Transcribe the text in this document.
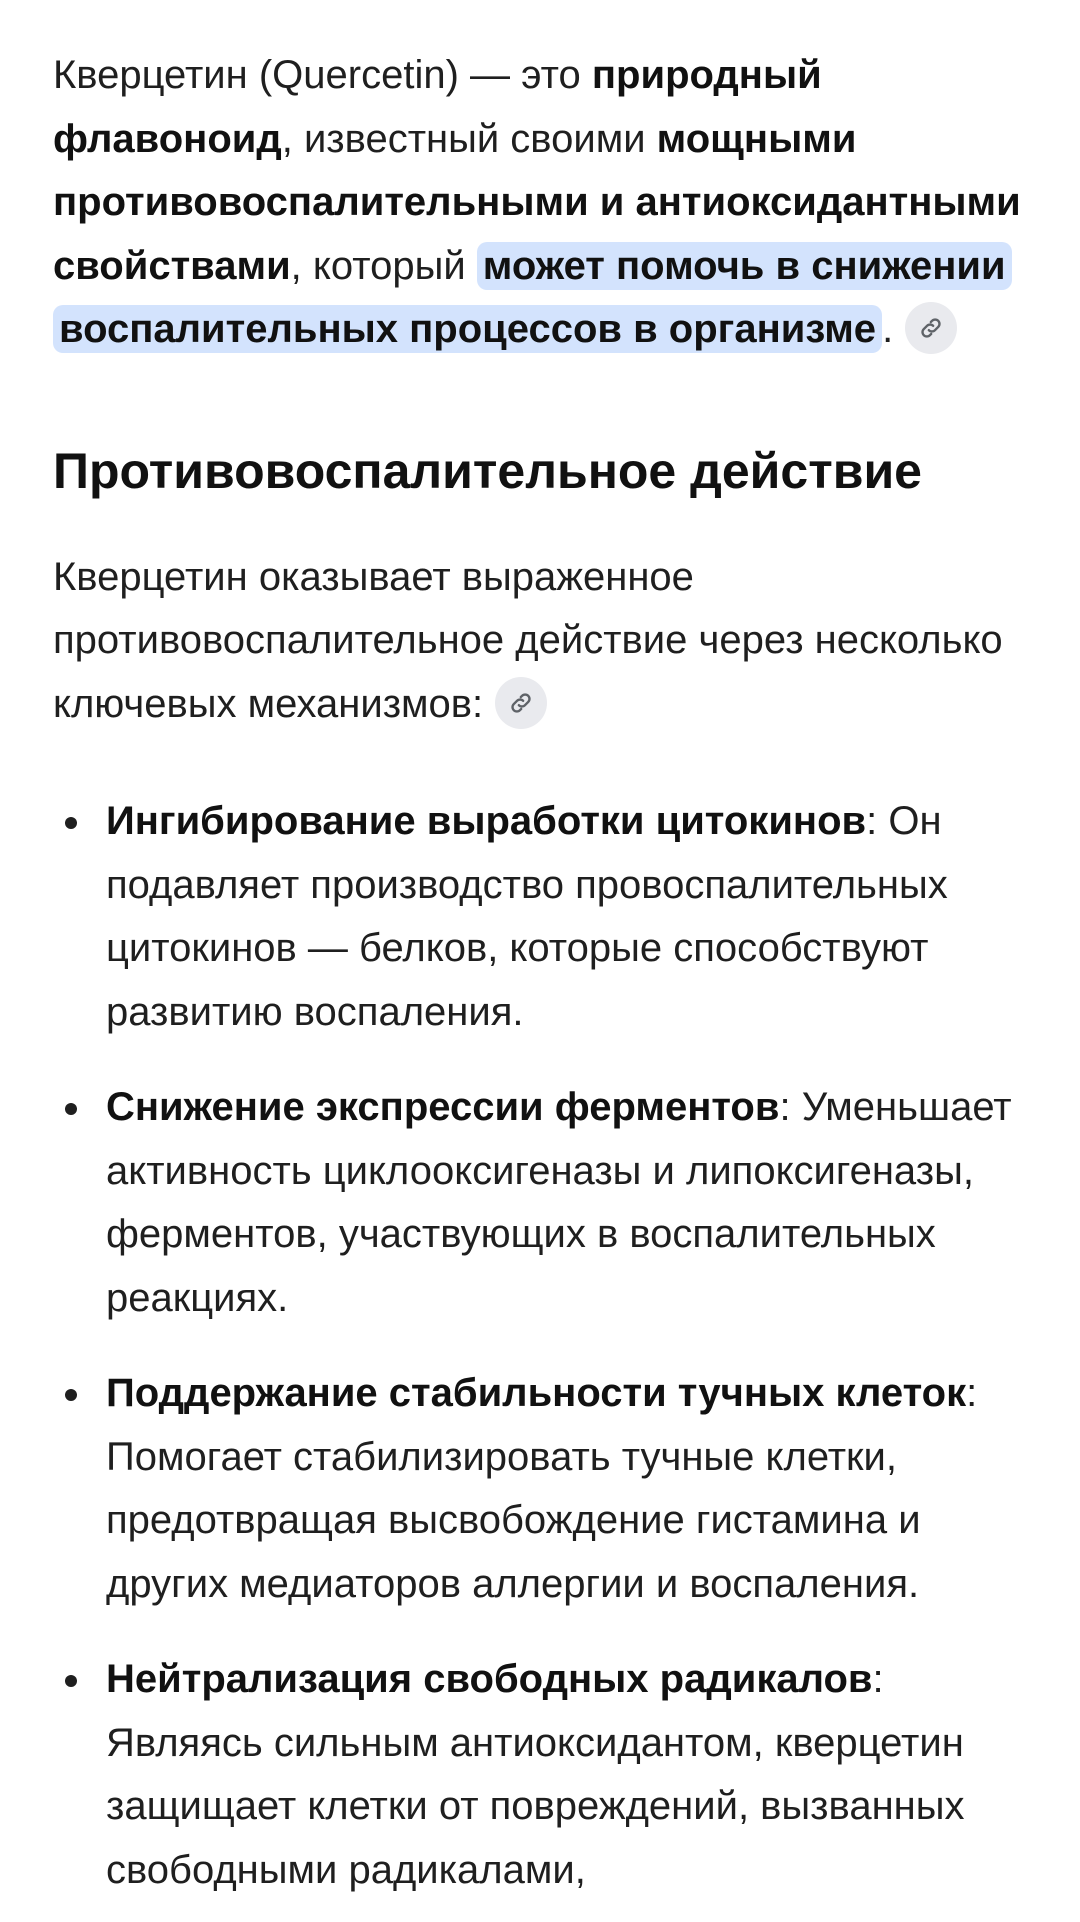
Кверцетин (Quercetin) — это природный флавоноид, известный своими мощными противовоспалительными и антиоксидантными свойствами, который может помочь в снижении воспалительных процессов в организме .

Противовоспалительное действие

Кверцетин оказывает выраженное противовоспалительное действие через несколько ключевых механизмов:

Ингибирование выработки цитокинов: Он подавляет производство провоспалительных цитокинов — белков, которые способствуют развитию воспаления.
Снижение экспрессии ферментов: Уменьшает активность циклооксигеназы и липоксигеназы, ферментов, участвующих в воспалительных реакциях.
Поддержание стабильности тучных клеток: Помогает стабилизировать тучные клетки, предотвращая высвобождение гистамина и других медиаторов аллергии и воспаления.
Нейтрализация свободных радикалов: Являясь сильным антиоксидантом, кверцетин защищает клетки от повреждений, вызванных свободными радикалами,
